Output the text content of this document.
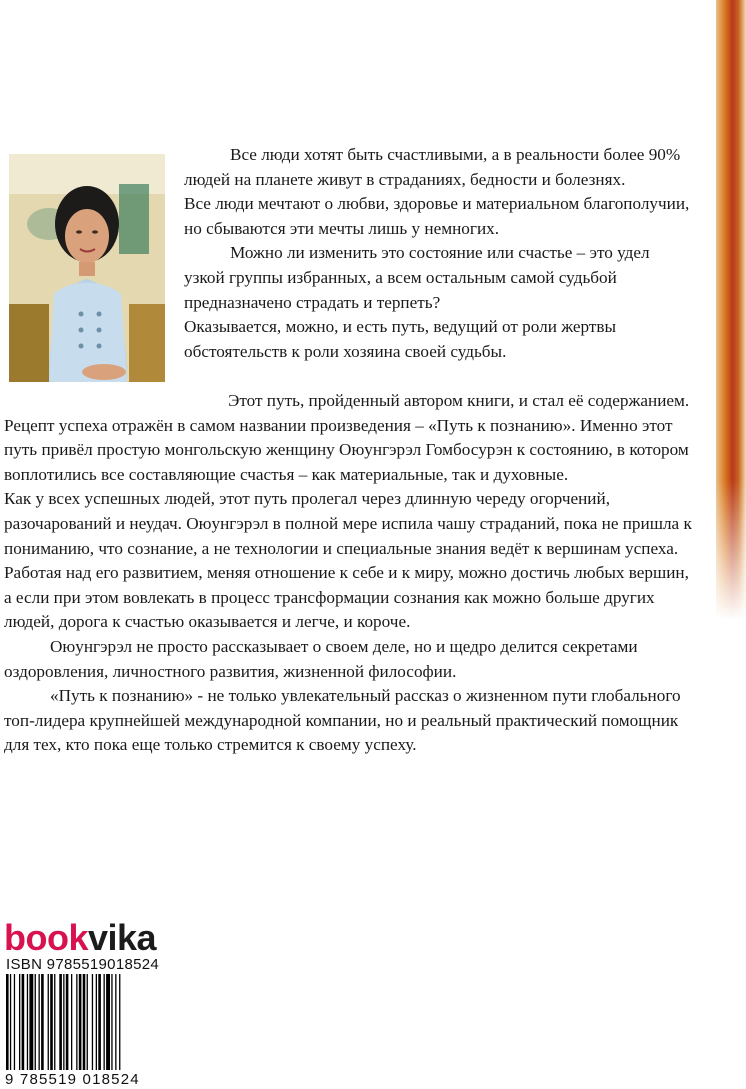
Все люди хотят быть счастливыми, а в реальности более 90% людей на планете живут в страданиях, бедности и болезнях.

Все люди мечтают о любви, здоровье и материальном благополучии, но сбываются эти мечты лишь у немногих.

Можно ли изменить это состояние или счастье – это удел узкой группы избранных, а всем остальным самой судьбой предназначено страдать и терпеть?

Оказывается, можно, и есть путь, ведущий от роли жертвы обстоятельств к роли хозяина своей судьбы.

Этот путь, пройденный автором книги, и стал её содержанием. Рецепт успеха отражён в самом названии произведения – «Путь к познанию». Именно этот путь привёл простую монгольскую женщину Оюунгэрэл Гомбосурэн к состоянию, в котором воплотились все составляющие счастья – как материальные, так и духовные.

Как у всех успешных людей, этот путь пролегал через длинную череду огорчений, разочарований и неудач. Оюунгэрэл в полной мере испила чашу страданий, пока не пришла к пониманию, что сознание, а не технологии и специальные знания ведёт к вершинам успеха. Работая над его развитием, меняя отношение к себе и к миру, можно достичь любых вершин, а если при этом вовлекать в процесс трансформации сознания как можно больше других людей, дорога к счастью оказывается и легче, и короче.

Оюунгэрэл не просто рассказывает о своем деле, но и щедро делится секретами оздоровления, личностного развития, жизненной философии.

«Путь к познанию» - не только увлекательный рассказ о жизненном пути глобального топ-лидера крупнейшей международной компании, но и реальный практический помощник для тех, кто пока еще только стремится к своему успеху.

bookvika
ISBN 9785519018524
9 785519 018524
